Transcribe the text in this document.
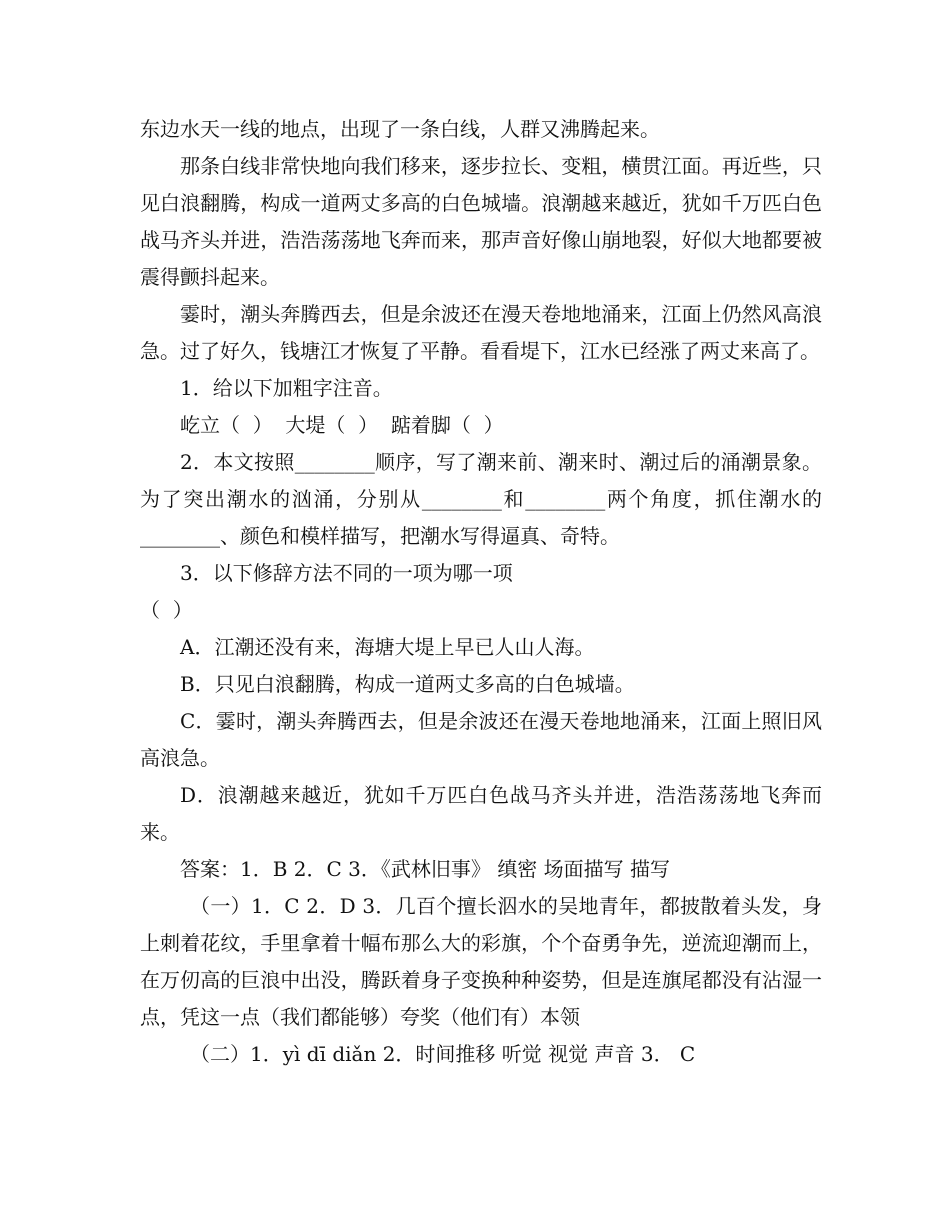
东边水天一线的地点，出现了一条白线，人群又沸腾起来。

那条白线非常快地向我们移来，逐步拉长、变粗，横贯江面。再近些，只见白浪翻腾，构成一道两丈多高的白色城墙。浪潮越来越近，犹如千万匹白色战马齐头并进，浩浩荡荡地飞奔而来，那声音好像山崩地裂，好似大地都要被震得颤抖起来。

霎时，潮头奔腾西去，但是余波还在漫天卷地地涌来，江面上仍然风高浪急。过了好久，钱塘江才恢复了平静。看看堤下，江水已经涨了两丈来高了。

1．给以下加粗字注音。

屹立（  ）  大堤（  ）  踮着脚（  ）

2．本文按照________顺序，写了潮来前、潮来时、潮过后的涌潮景象。为了突出潮水的汹涌，分别从________和________两个角度，抓住潮水的________、颜色和模样描写，把潮水写得逼真、奇特。

3．以下修辞方法不同的一项为哪一项

（  ）

A．江潮还没有来，海塘大堤上早已人山人海。

B．只见白浪翻腾，构成一道两丈多高的白色城墙。

C．霎时，潮头奔腾西去，但是余波还在漫天卷地地涌来，江面上照旧风高浪急。

D．浪潮越来越近，犹如千万匹白色战马齐头并进，浩浩荡荡地飞奔而来。

答案：1．B 2．C 3．《武林旧事》 缜密 场面描写 描写

（一）1．C 2．D 3．几百个擅长泅水的吴地青年，都披散着头发，身上刺着花纹，手里拿着十幅布那么大的彩旗，个个奋勇争先，逆流迎潮而上，在万仞高的巨浪中出没，腾跃着身子变换种种姿势，但是连旗尾都没有沾湿一点，凭这一点（我们都能够）夸奖（他们有）本领

（二）1．yì dī diǎn 2．时间推移 听觉 视觉 声音 3． C
